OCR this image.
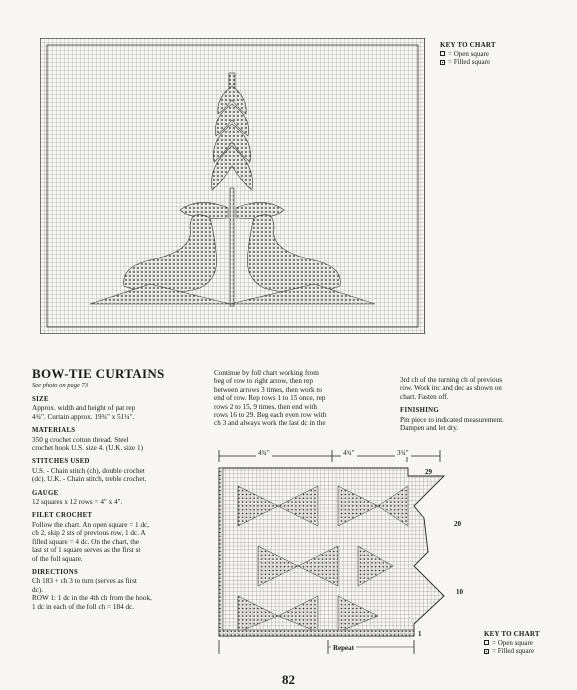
KEY TO CHART
= Open square
= Filled square
BOW-TIE CURTAINS
See photo on page 73

SIZE

Approx. width and height of pat rep

4¾". Curtain approx. 19¾" x 51¼".

MATERIALS

350 g crochet cotton thread. Steel

crochet hook U.S. size 4. (U.K. size 1)

STITCHES USED

U.S. - Chain stitch (ch), double crochet

(dc). U.K. - Chain stitch, treble crochet.

GAUGE

12 squares x 12 rows = 4" x 4".

FILET CROCHET

Follow the chart. An open square = 1 dc,

ch 2, skip 2 sts of previous row, 1 dc. A

filled square = 4 dc. On the chart, the

last st of 1 square serves as the first st

of the foll square.

DIRECTIONS

Ch 183 + ch 3 to turn (serves as first

dc).

ROW 1: 1 dc in the 4th ch from the hook,

1 dc in each of the foll ch = 184 dc.

Continue by foll chart working from

beg of row to right arrow, then rep

between arrows 3 times, then work to

end of row. Rep rows 1 to 15 once, rep

rows 2 to 15, 9 times, then end with

rows 16 to 29. Beg each even row with

ch 3 and always work the last dc in the

3rd ch of the turning ch of previous

row. Work inc and dec as shown on

chart. Fasten off.

FINISHING

Pin piece to indicated measurement.

Dampen and let dry.

4¾"	4¾"	3¾"
29
20
10
1
Repeat
KEY TO CHART
= Open square
= Filled square
82
